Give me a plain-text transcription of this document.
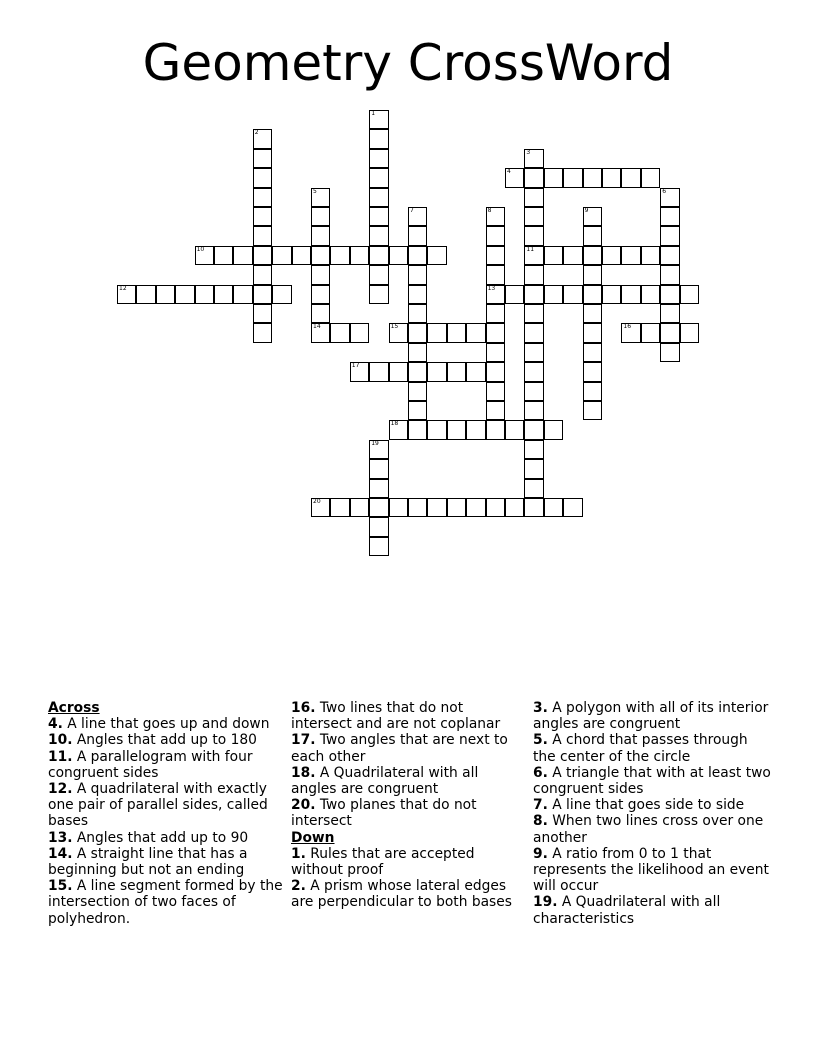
Geometry CrossWord
1
2
3
11
4
5
14
6
7	8
13
9
10
12
15	16
17
18
19
20

Across

4. A line that goes up and down

10. Angles that add up to 180

11. A parallelogram with four congruent sides

12. A quadrilateral with exactly one pair of parallel sides, called bases

13. Angles that add up to 90

14. A straight line that has a beginning but not an ending

15. A line segment formed by the intersection of two faces of polyhedron.

16. Two lines that do not intersect and are not coplanar

17. Two angles that are next to each other

18. A Quadrilateral with all angles are congruent

20. Two planes that do not intersect

Down

1. Rules that are accepted without proof

2. A prism whose lateral edges are perpendicular to both bases

3. A polygon with all of its interior angles are congruent

5. A chord that passes through the center of the circle

6. A triangle that with at least two congruent sides

7. A line that goes side to side

8. When two lines cross over one another

9. A ratio from 0 to 1 that represents the likelihood an event will occur

19. A Quadrilateral with all characteristics
